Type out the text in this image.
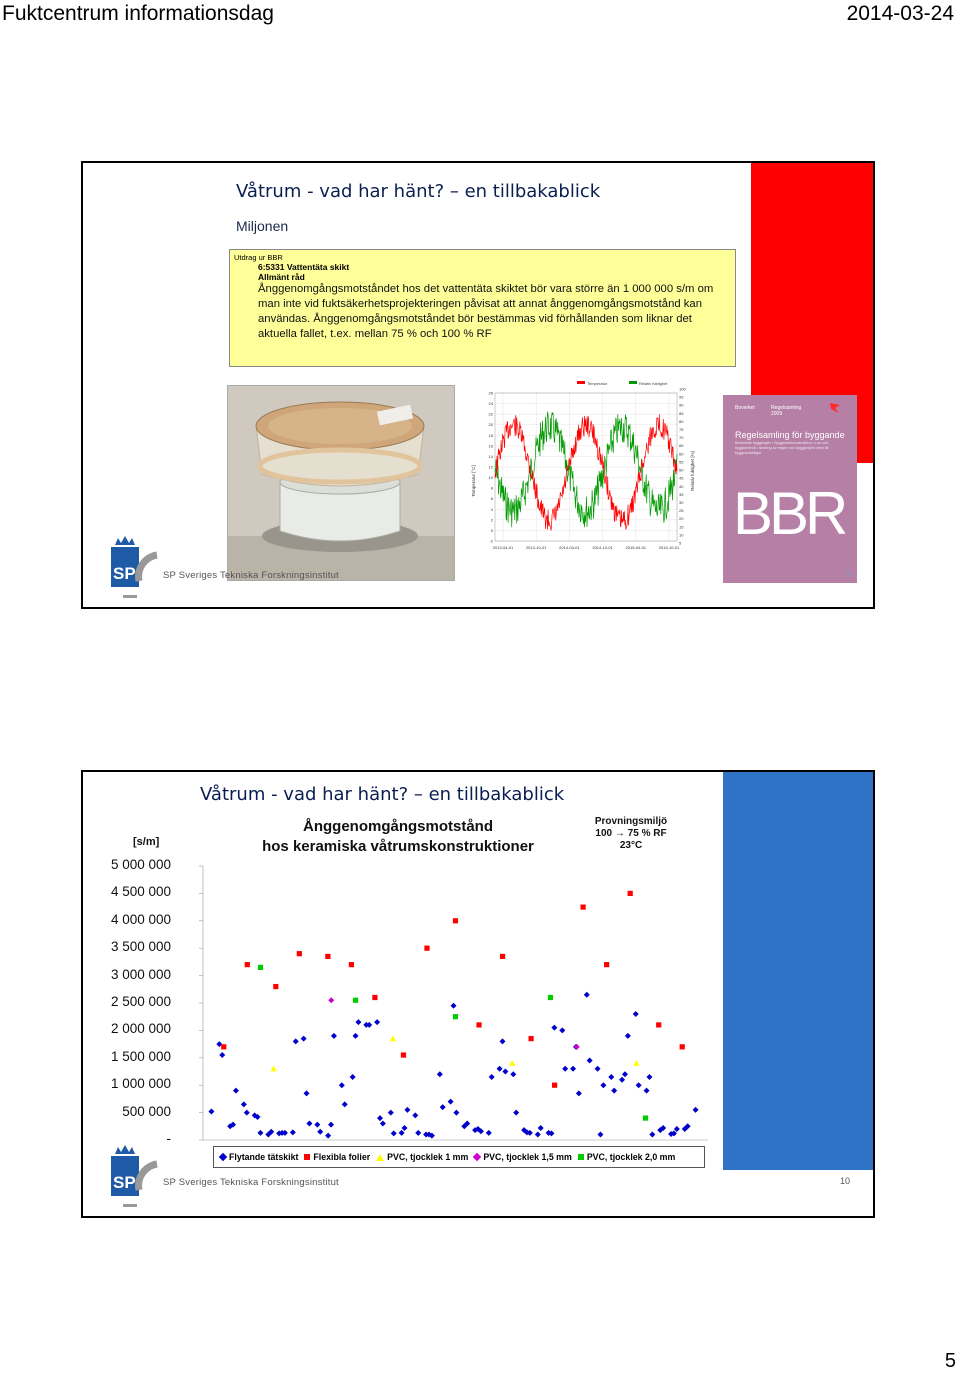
Fuktcentrum informationsdag	2014-03-24
Våtrum - vad har hänt? – en tillbakablick
Miljonen
Utdrag ur BBR
6:5331 Vattentäta skikt
Allmänt råd
Ånggenomgångsmotståndet hos det vattentäta skiktet bör vara större än 1 000 000 s/m om man inte vid fuktsäkerhetsprojekteringen påvisat att annat ånggenomgångsmotstånd kan användas. Ånggenomgångsmotståndet bör bestämmas vid förhållanden som liknar det aktuella fallet, t.ex. mellan 75 % och 100 % RF
Temperatur	Relativ fuktighet
26
24
22
20
18
16
14
12
10
8
6
4
2
0
-2
100
95
90
85
80
75
70
65
60
55
50
45
40
35
30
25
20
15
10
5
2013-04-01	2013-10-01	2014-04-01	2014-10-01	2015-04-01	2015-10-01
Temperatur [°C]	Relativ fuktighet [%]
Boverket	Regelsamling 2009
Regelsamling för byggande
Boverkets byggregler • Byggnadskonstruktion • Lov och byggkontroll • ändring av regler och byggprojekt med till byggnadsfrågor
BBR
SP	SP Sveriges Tekniska Forskningsinstitut	9
Våtrum - vad har hänt? – en tillbakablick
Ånggenomgångsmotstånd
hos keramiska våtrumskonstruktioner
Provningsmiljö
100 → 75 % RF
23°C
[s/m]
5 000 000
4 500 000
4 000 000
3 500 000
3 000 000
2 500 000
2 000 000
1 500 000
1 000 000
500 000
-
Flytande tätskikt Flexibla folier PVC, tjocklek 1 mm PVC, tjocklek 1,5 mm PVC, tjocklek 2,0 mm
SP	SP Sveriges Tekniska Forskningsinstitut	10
5
